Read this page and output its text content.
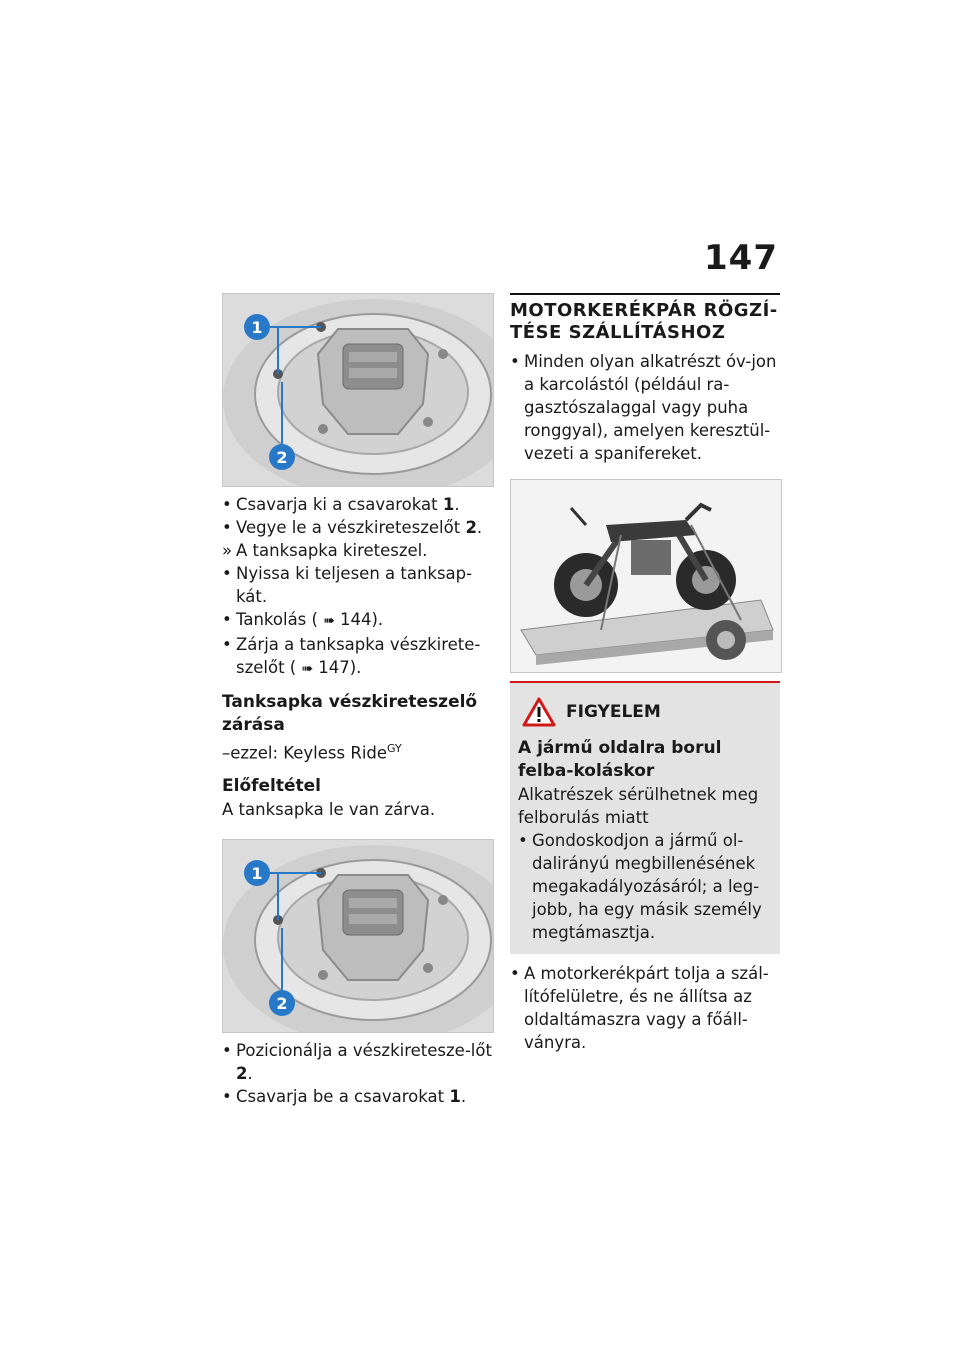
147
1
2
• Csavarja ki a csavarokat 1.
• Vegye le a vészkireteszelőt 2.
» A tanksapka kireteszel.
• Nyissa ki teljesen a tanksap-kát.
• Tankolás ( ➠ 144).
• Zárja a tanksapka vészkirete-szelőt ( ➠ 147).
Tanksapka vészkireteszelő zárása
–ezzel: Keyless Ride$^{GY}$
Előfeltétel
A tanksapka le van zárva.
1
2
• Pozicionálja a vészkiretesze-lőt 2.
• Csavarja be a csavarokat 1.
MOTORKERÉKPÁR RÖGZÍ-TÉSE SZÁLLÍTÁSHOZ
• Minden olyan alkatrészt óv-jon a karcolástól (például ra-gasztószalaggal vagy puha ronggyal), amelyen keresztül-vezeti a spanifereket.
FIGYELEM
A jármű oldalra borul felba-koláskor
Alkatrészek sérülhetnek meg felborulás miatt
• Gondoskodjon a jármű ol-dalirányú megbillenésének megakadályozásáról; a leg-jobb, ha egy másik személy megtámasztja.
• A motorkerékpárt tolja a szál-lítófelületre, és ne állítsa az oldaltámaszra vagy a főáll-ványra.
